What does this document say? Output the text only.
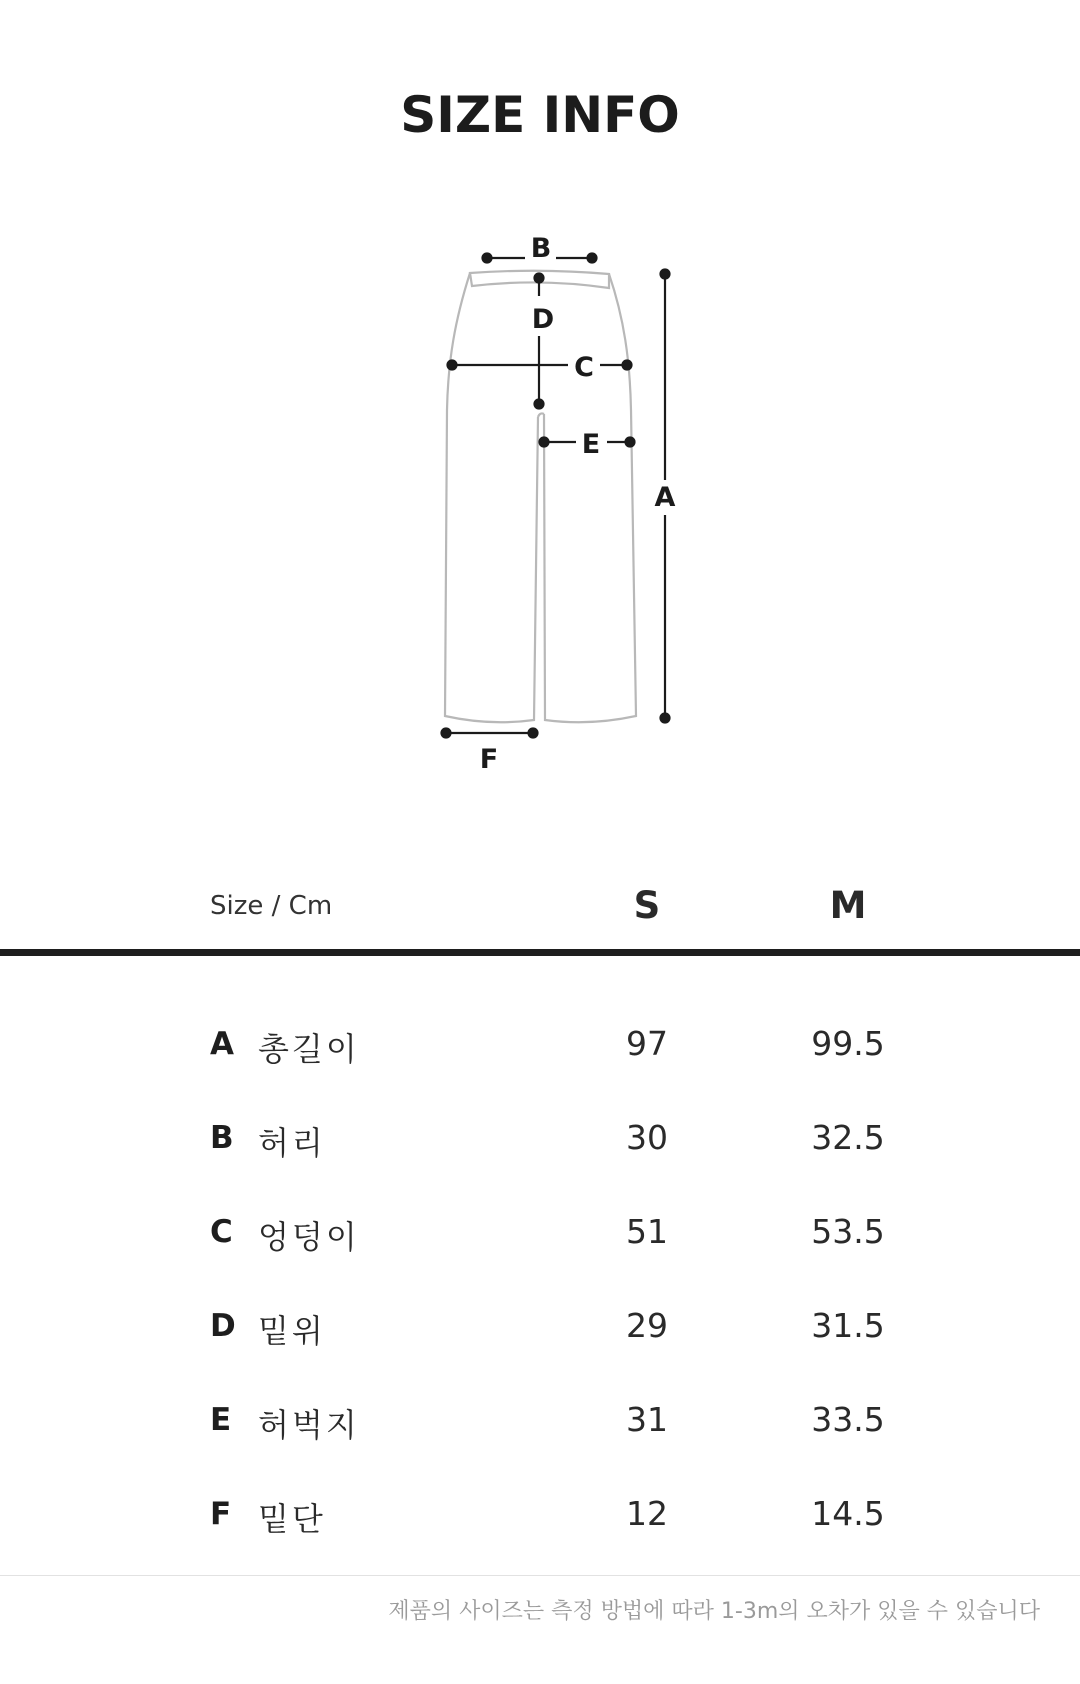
SIZE INFO
B
D
C
E
A
F
Size / Cm	S	M
A 총길이	97	99.5
B 허리	30	32.5
C 엉덩이	51	53.5
D 밑위	29	31.5
E 허벅지	31	33.5
F 밑단	12	14.5
제품의 사이즈는 측정 방법에 따라 1-3m의 오차가 있을 수 있습니다
